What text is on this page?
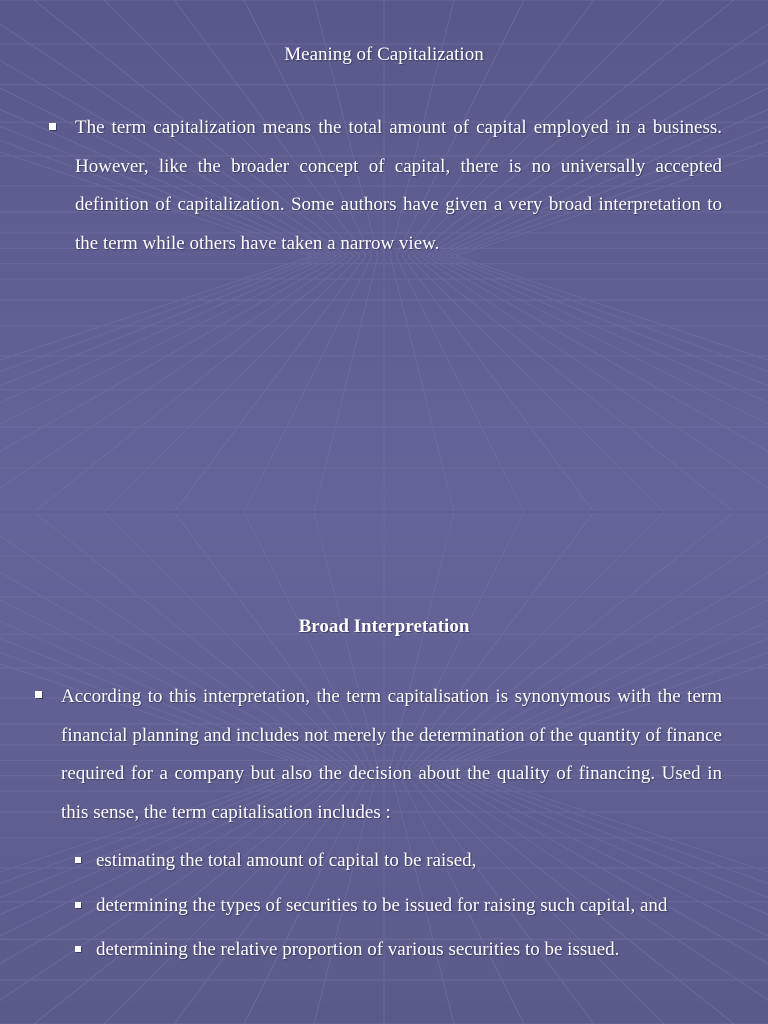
Meaning of Capitalization

The term capitalization means the total amount of capital employed in a business. However, like the broader concept of capital, there is no universally accepted definition of capitalization. Some authors have given a very broad interpretation to the term while others have taken a narrow view.

Broad Interpretation

According to this interpretation, the term capitalisation is synonymous with the term financial planning and includes not merely the determination of the quantity of finance required for a company but also the decision about the quality of financing. Used in this sense, the term capitalisation includes :

estimating the total amount of capital to be raised,
determining the types of securities to be issued for raising such capital, and
determining the relative proportion of various securities to be issued.
